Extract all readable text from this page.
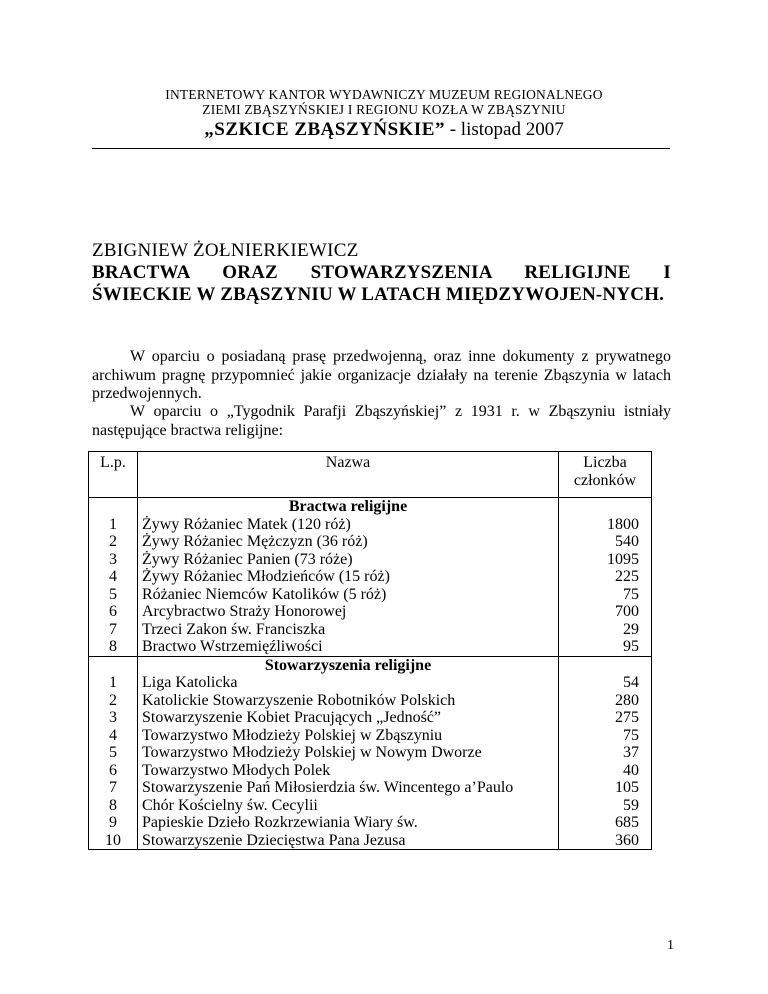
INTERNETOWY KANTOR WYDAWNICZY MUZEUM REGIONALNEGO
ZIEMI ZBĄSZYŃSKIEJ I REGIONU KOZŁA W ZBĄSZYNIU
„SZKICE ZBĄSZYŃSKIE” - listopad 2007
ZBIGNIEW ŻOŁNIERKIEWICZ
BRACTWA ORAZ STOWARZYSZENIA RELIGIJNE I
ŚWIECKIE W ZBĄSZYNIU W LATACH MIĘDZYWOJEN-NYCH.
W oparciu o posiadaną prasę przedwojenną, oraz inne dokumenty z prywatnego archiwum pragnę przypomnieć jakie organizacje działały na terenie Zbąszynia w latach przedwojennych.
W oparciu o „Tygodnik Parafji Zbąszyńskiej” z 1931 r. w Zbąszyniu istniały następujące bractwa religijne:
L.p.	Nazwa	Liczba członków
	Bractwa religijne	
1	Żywy Różaniec Matek (120 róż)	1800
2	Żywy Różaniec Mężczyzn (36 róż)	540
3	Żywy Różaniec Panien (73 róże)	1095
4	Żywy Różaniec Młodzieńców (15 róż)	225
5	Różaniec Niemców Katolików (5 róż)	75
6	Arcybractwo Straży Honorowej	700
7	Trzeci Zakon św. Franciszka	29
8	Bractwo Wstrzemięźliwości	95
	Stowarzyszenia religijne	
1	Liga Katolicka	54
2	Katolickie Stowarzyszenie Robotników Polskich	280
3	Stowarzyszenie Kobiet Pracujących „Jedność”	275
4	Towarzystwo Młodzieży Polskiej w Zbąszyniu	75
5	Towarzystwo Młodzieży Polskiej w Nowym Dworze	37
6	Towarzystwo Młodych Polek	40
7	Stowarzyszenie Pań Miłosierdzia św. Wincentego a’Paulo	105
8	Chór Kościelny św. Cecylii	59
9	Papieskie Dzieło Rozkrzewiania Wiary św.	685
10	Stowarzyszenie Dziecięstwa Pana Jezusa	360
1
